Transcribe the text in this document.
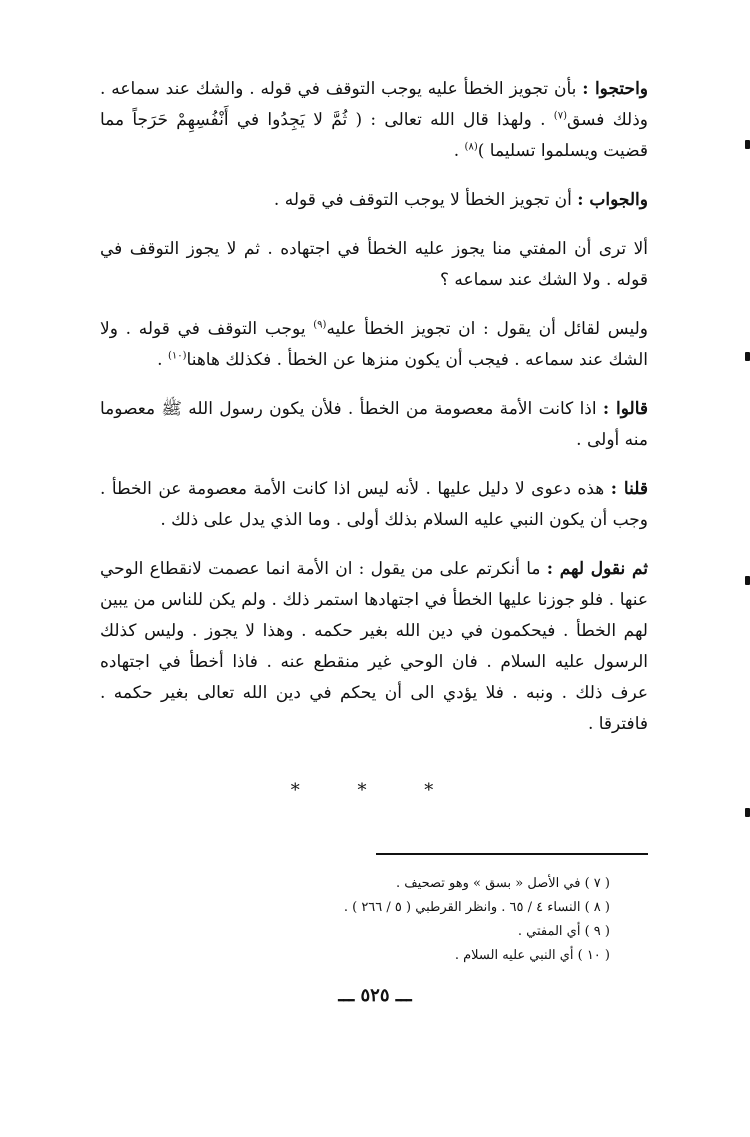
واحتجوا : بأن تجويز الخطأ عليه يوجب التوقف في قوله . والشك عند سماعه . وذلك فسق$^{(٧)}$ . ولهذا قال الله تعالى : ( ثُمَّ لا يَجِدُوا في أَنْفُسِهِمْ حَرَجاً مما قضيت ويسلموا تسليما )$^{(٨)}$ .

والجواب : أن تجويز الخطأ لا يوجب التوقف في قوله .

ألا ترى أن المفتي منا يجوز عليه الخطأ في اجتهاده . ثم لا يجوز التوقف في قوله . ولا الشك عند سماعه ؟

وليس لقائل أن يقول : ان تجويز الخطأ عليه$^{(٩)}$ يوجب التوقف في قوله . ولا الشك عند سماعه . فيجب أن يكون منزها عن الخطأ . فكذلك هاهنا$^{(١٠)}$ .

قالوا : اذا كانت الأمة معصومة من الخطأ . فلأن يكون رسول الله ﷺ معصوما منه أولى .

قلنا : هذه دعوى لا دليل عليها . لأنه ليس اذا كانت الأمة معصومة عن الخطأ . وجب أن يكون النبي عليه السلام بذلك أولى . وما الذي يدل على ذلك .

ثم نقول لهم : ما أنكرتم على من يقول : ان الأمة انما عصمت لانقطاع الوحي عنها . فلو جوزنا عليها الخطأ في اجتهادها استمر ذلك . ولم يكن للناس من يبين لهم الخطأ . فيحكمون في دين الله بغير حكمه . وهذا لا يجوز . وليس كذلك الرسول عليه السلام . فان الوحي غير منقطع عنه . فاذا أخطأ في اجتهاده عرف ذلك . ونبه . فلا يؤدي الى أن يحكم في دين الله تعالى بغير حكمه . فافترقا .

* * *

( ٧ ) في الأصل « بسق » وهو تصحيف .

( ٨ ) النساء ٤ / ٦٥ . وانظر القرطبي ( ٥ / ٢٦٦ ) .

( ٩ ) أي المفتي .

( ١٠ ) أي النبي عليه السلام .

ـــ ٥٢٥ ـــ
